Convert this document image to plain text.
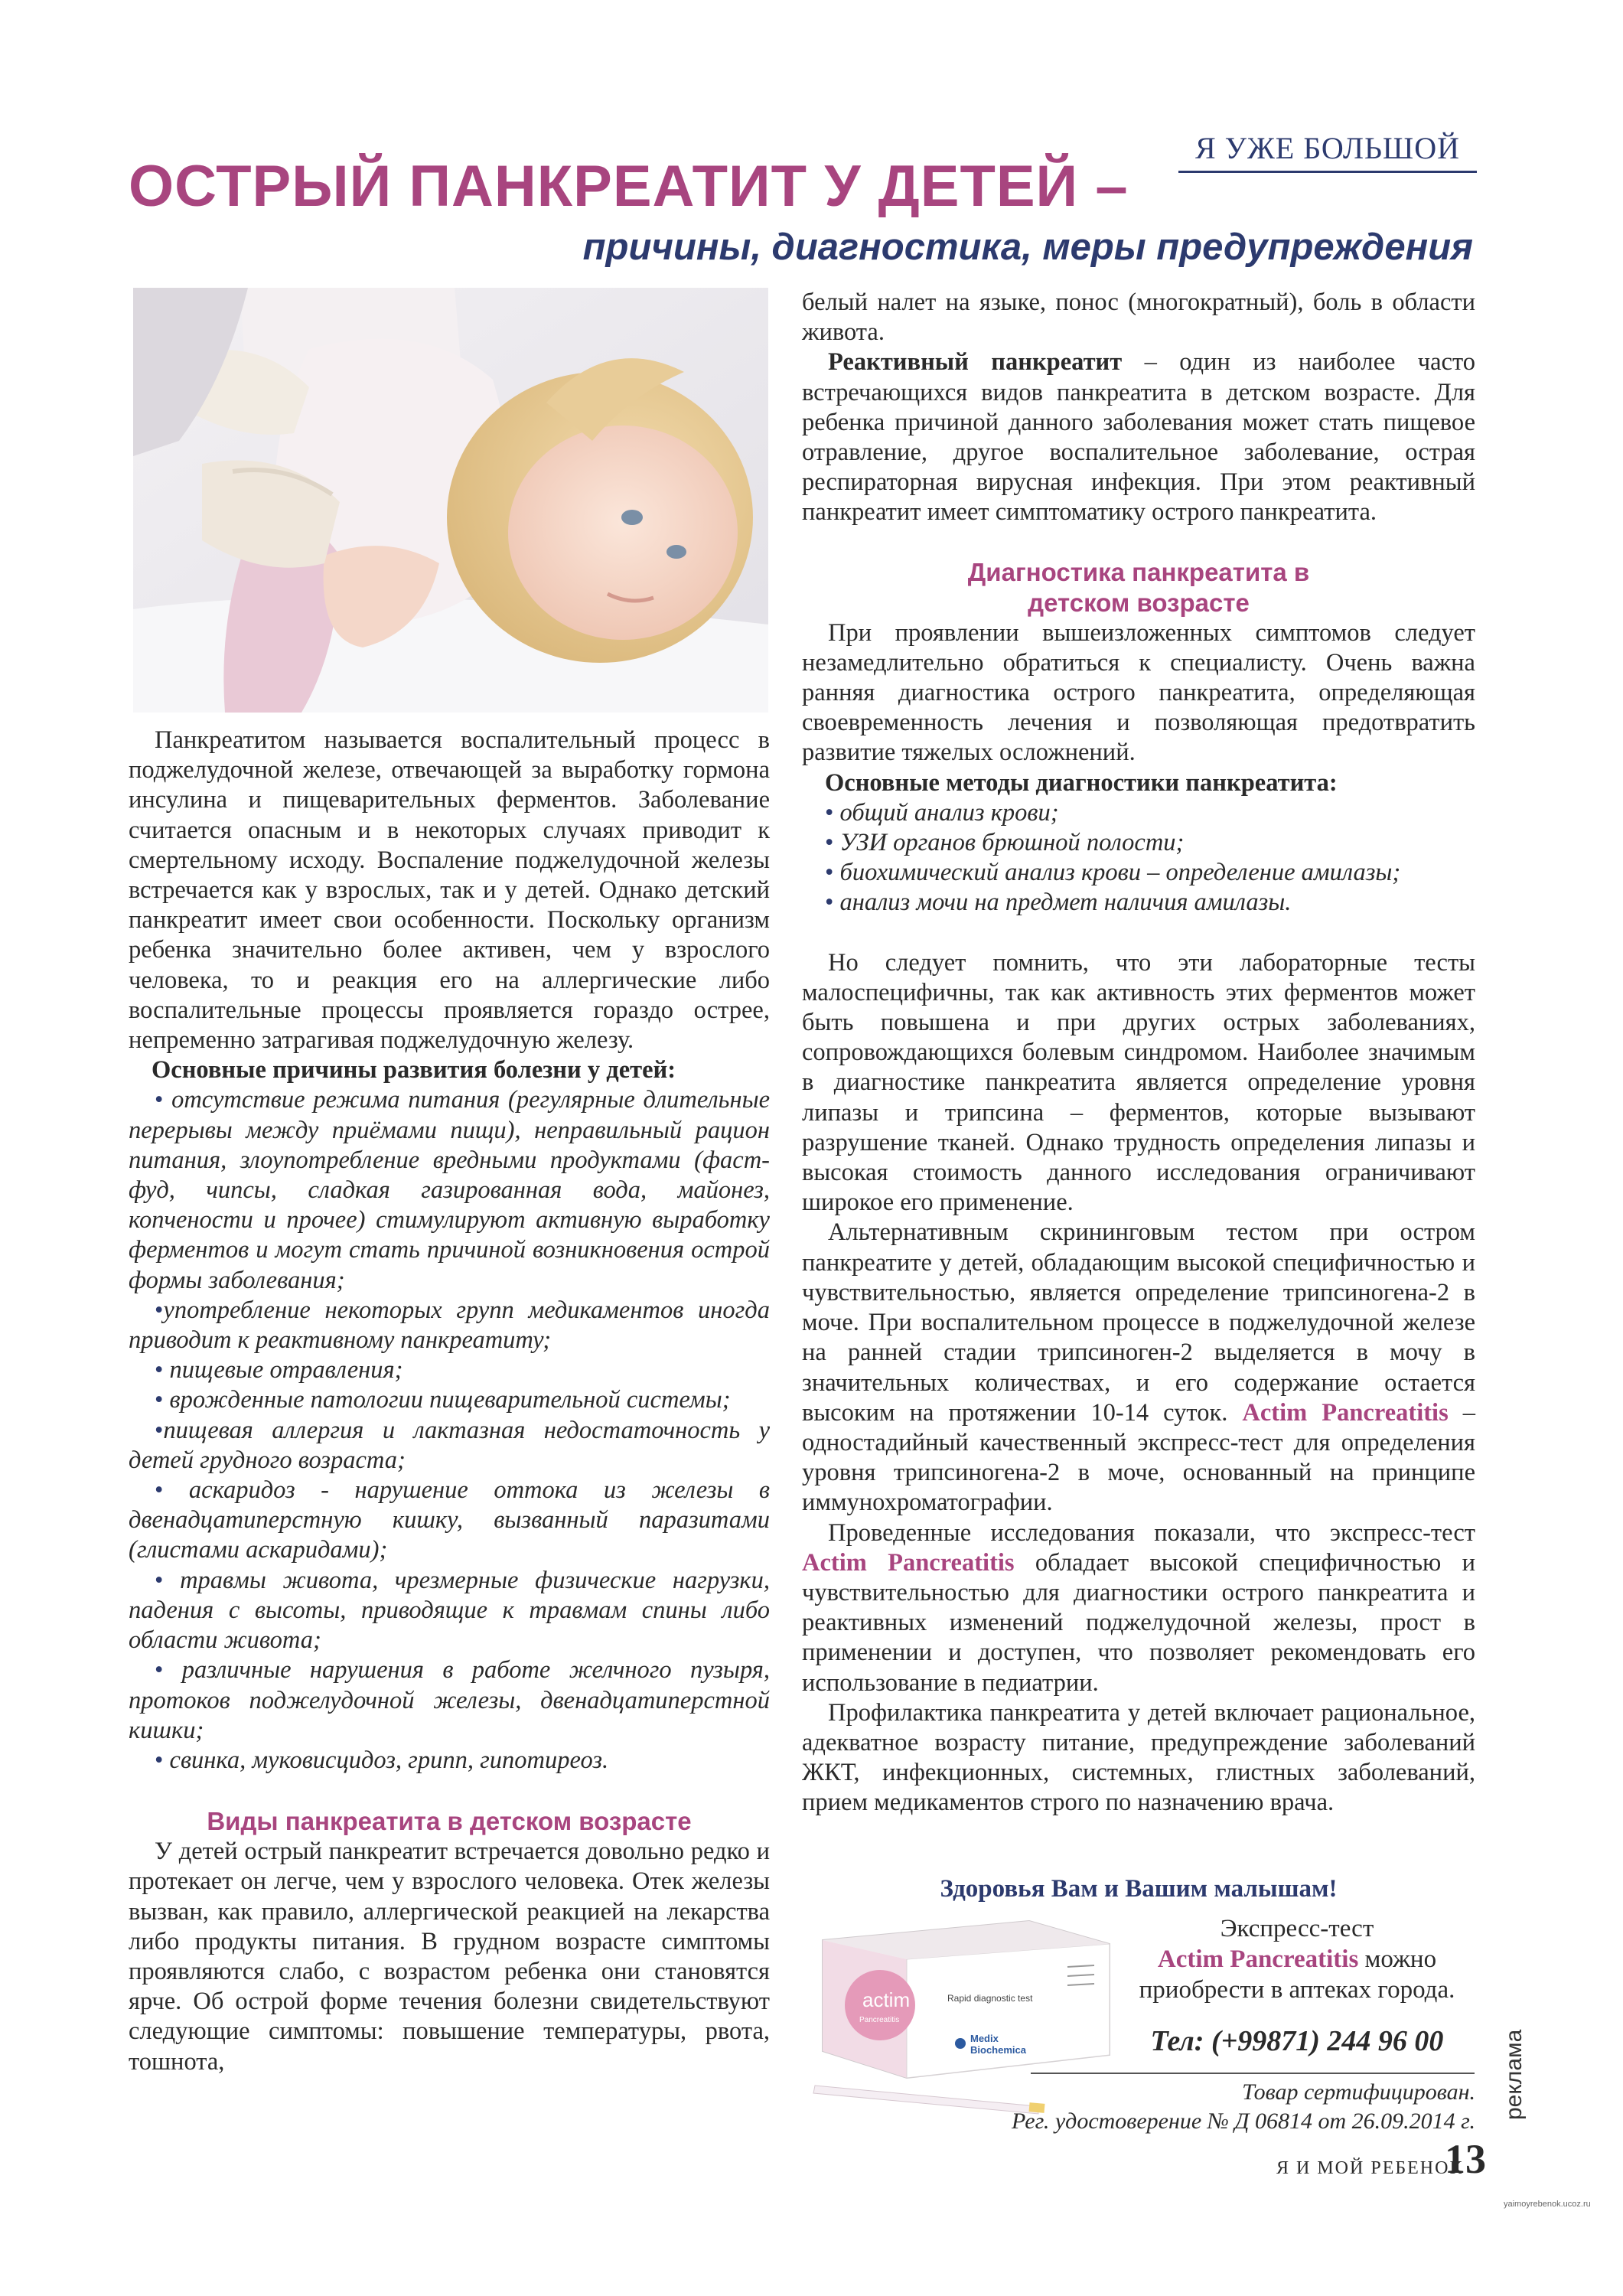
Я УЖЕ БОЛЬШОЙ
ОСТРЫЙ ПАНКРЕАТИТ У ДЕТЕЙ –
причины, диагностика, меры предупреждения

Панкреатитом называется воспалительный процесс в поджелудочной железе, отвечающей за выработку гормона инсулина и пищеварительных ферментов. Заболевание считается опасным и в некоторых случаях приводит к смертельному исходу. Воспаление поджелудочной железы встречается как у взрослых, так и у детей. Однако детский панкреатит имеет свои особенности. Поскольку организм ребенка значительно более активен, чем у взрослого человека, то и реакция его на аллергические либо воспалительные процессы проявляется гораздо острее, непременно затрагивая поджелудочную железу.

Основные причины развития болезни у детей:

• отсутствие режима питания (регулярные длительные перерывы между приёмами пищи), неправильный рацион питания, злоупотребление вредными продуктами (фаст-фуд, чипсы, сладкая газированная вода, майонез, копчености и прочее) стимулируют активную выработку ферментов и могут стать причиной возникновения острой формы заболевания;

•употребление некоторых групп медикаментов иногда приводит к реактивному панкреатиту;

• пищевые отравления;

• врожденные патологии пищеварительной системы;

•пищевая аллергия и лактазная недостаточность у детей грудного возраста;

• аскаридоз - нарушение оттока из железы в двенадцатиперстную кишку, вызванный паразитами (глистами аскаридами);

• травмы живота, чрезмерные физические нагрузки, падения с высоты, приводящие к травмам спины либо области живота;

• различные нарушения в работе желчного пузыря, протоков поджелудочной железы, двенадцатиперстной кишки;

• свинка, муковисцидоз, грипп, гипотиреоз.

Виды панкреатита в детском возрасте

У детей острый панкреатит встречается довольно редко и протекает он легче, чем у взрослого человека. Отек железы вызван, как правило, аллергической реакцией на лекарства либо продукты питания. В грудном возрасте симптомы проявляются слабо, с возрастом ребенка они становятся ярче. Об острой форме течения болезни свидетельствуют следующие симптомы: повышение температуры, рвота, тошнота,

белый налет на языке, понос (многократный), боль в области живота.

Реактивный панкреатит – один из наиболее часто встречающихся видов панкреатита в детском возрасте. Для ребенка причиной данного заболевания может стать пищевое отравление, другое воспалительное заболевание, острая респираторная вирусная инфекция. При этом реактивный панкреатит имеет симптоматику острого панкреатита.

Диагностика панкреатита в
детском возрасте

При проявлении вышеизложенных симптомов следует незамедлительно обратиться к специалисту. Очень важна ранняя диагностика острого панкреатита, определяющая своевременность лечения и позволяющая предотвратить развитие тяжелых осложнений.

Основные методы диагностики панкреатита:

• общий анализ крови;

• УЗИ органов брюшной полости;

• биохимический анализ крови – определение амилазы;

• анализ мочи на предмет наличия амилазы.

Но следует помнить, что эти лабораторные тесты малоспецифичны, так как активность этих ферментов может быть повышена и при других острых заболеваниях, сопровождающихся болевым синдромом. Наиболее значимым в диагностике панкреатита является определение уровня липазы и трипсина – ферментов, которые вызывают разрушение тканей. Однако трудность определения липазы и высокая стоимость данного исследования ограничивают широкое его применение.

Альтернативным скрининговым тестом при остром панкреатите у детей, обладающим высокой специфичностью и чувствительностью, является определение трипсиногена-2 в моче. При воспалительном процессе в поджелудочной железе на ранней стадии трипсиноген-2 выделяется в мочу в значительных количествах, и его содержание остается высоким на протяжении 10-14 суток. Actim Pancreatitis – одностадийный качественный экспресс-тест для определения уровня трипсиногена-2 в моче, основанный на принципе иммунохроматографии.

Проведенные исследования показали, что экспресс-тест Actim Pancreatitis обладает высокой специфичностью и чувствительностью для диагностики острого панкреатита и реактивных изменений поджелудочной железы, прост в применении и доступен, что позволяет рекомендовать его использование в педиатрии.

Профилактика панкреатита у детей включает рациональное, адекватное возрасту питание, предупреждение заболеваний ЖКТ, инфекционных, системных, глистных заболеваний, прием медикаментов строго по назначению врача.

Здоровья Вам и Вашим малышам!
actim
Pancreatitis
Rapid diagnostic test
Medix
Biochemica
Экспресс-тест
Actim Pancreatitis можно приобрести в аптеках города.
Тел: (+99871) 244 96 00
Товар сертифицирован.
Рег. удостоверение № Д 06814 от 26.09.2014 г.
реклама
Я И МОЙ РЕБЕНОК
13
yaimoyrebenok.ucoz.ru
